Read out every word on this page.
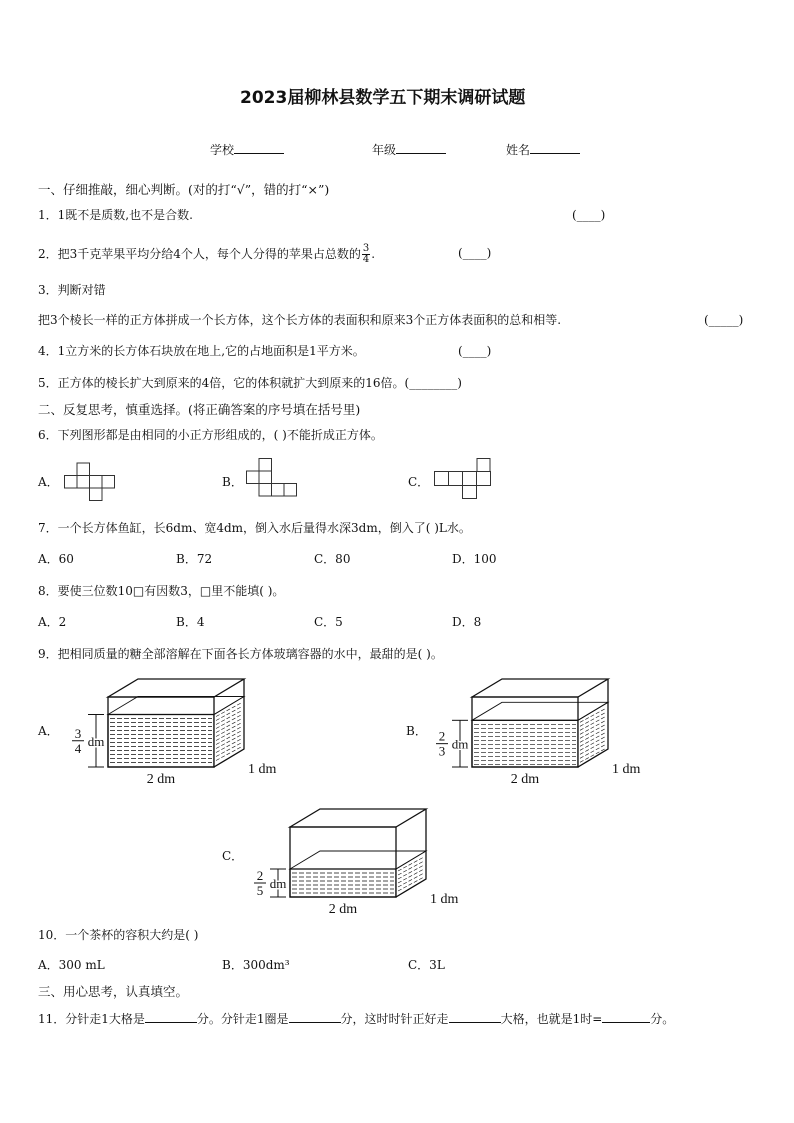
2023届柳林县数学五下期末调研试题
学校	年级	姓名
一、仔细推敲，细心判断。(对的打“√”，错的打“×”)
1．1既不是质数,也不是合数.	(____)
2．把3千克苹果平均分给4个人，每个人分得的苹果占总数的 $\frac{3}{4}$ .	(____)
3．判断对错
把3个棱长一样的正方体拼成一个长方体，这个长方体的表面积和原来3个正方体表面积的总和相等.	(_____)
4．1立方米的长方体石块放在地上,它的占地面积是1平方米。	(____)
5．正方体的棱长扩大到原来的4倍，它的体积就扩大到原来的16倍。(________)
二、反复思考，慎重选择。(将正确答案的序号填在括号里)
6．下列图形都是由相同的小正方形组成的，( )不能折成正方体。
A．	B．	C．
7．一个长方体鱼缸，长6dm、宽4dm，倒入水后量得水深3dm，倒入了( )L水。
A．60	B．72	C．80	D．100
8．要使三位数10□有因数3，□里不能填( )。
A．2	B．4	C．5	D．8
9．把相同质量的糖全部溶解在下面各长方体玻璃容器的水中，最甜的是( )。
A． 3
4 dm
2 dm
1 dm
B． 2
3 dm
2 dm
1 dm
C．
2
5 dm
2 dm
1 dm
10．一个茶杯的容积大约是( )
A．300 mL	B．300dm³	C．3L
三、用心思考，认真填空。
11．分针走1大格是	分。分针走1圈是	分，这时时针正好走	大格，也就是1时=	分。
